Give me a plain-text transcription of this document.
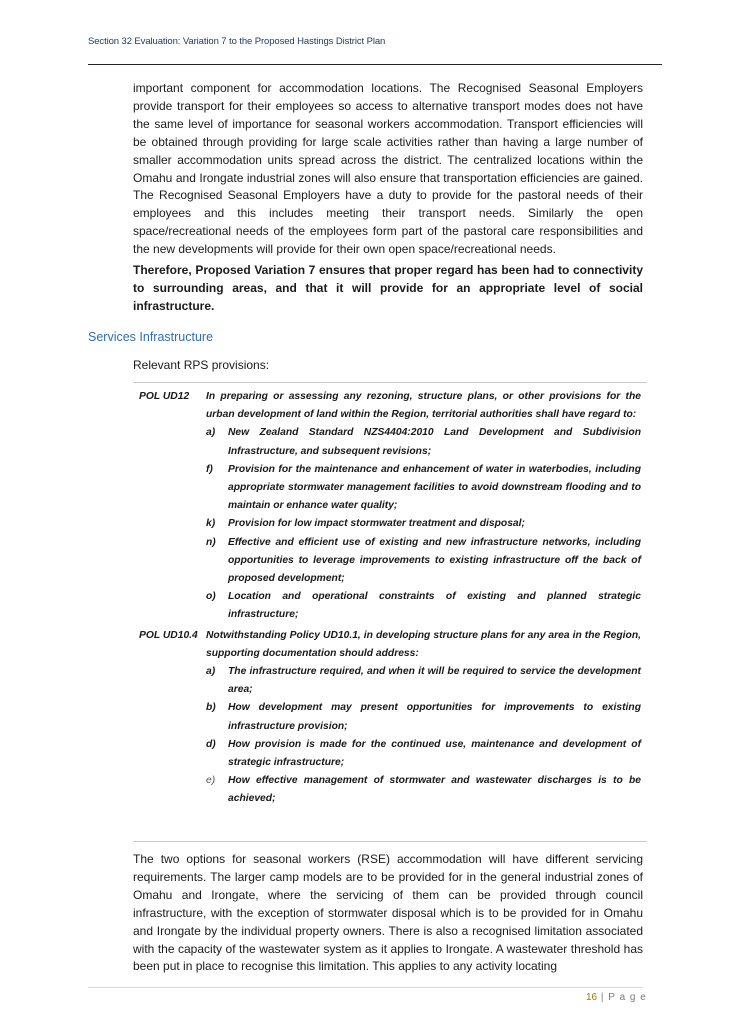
Section 32 Evaluation: Variation 7 to the Proposed Hastings District Plan

important component for accommodation locations. The Recognised Seasonal Employers provide transport for their employees so access to alternative transport modes does not have the same level of importance for seasonal workers accommodation. Transport efficiencies will be obtained through providing for large scale activities rather than having a large number of smaller accommodation units spread across the district. The centralized locations within the Omahu and Irongate industrial zones will also ensure that transportation efficiencies are gained. The Recognised Seasonal Employers have a duty to provide for the pastoral needs of their employees and this includes meeting their transport needs. Similarly the open space/recreational needs of the employees form part of the pastoral care responsibilities and the new developments will provide for their own open space/recreational needs.

Therefore, Proposed Variation 7 ensures that proper regard has been had to connectivity to surrounding areas, and that it will provide for an appropriate level of social infrastructure.

Services Infrastructure
Relevant RPS provisions:
POL UD12 In preparing or assessing any rezoning, structure plans, or other provisions for the urban development of land within the Region, territorial authorities shall have regard to:
a) New Zealand Standard NZS4404:2010 Land Development and Subdivision Infrastructure, and subsequent revisions;
f) Provision for the maintenance and enhancement of water in waterbodies, including appropriate stormwater management facilities to avoid downstream flooding and to maintain or enhance water quality;
k) Provision for low impact stormwater treatment and disposal;
n) Effective and efficient use of existing and new infrastructure networks, including opportunities to leverage improvements to existing infrastructure off the back of proposed development;
o) Location and operational constraints of existing and planned strategic infrastructure;
POL UD10.4 Notwithstanding Policy UD10.1, in developing structure plans for any area in the Region, supporting documentation should address:
a) The infrastructure required, and when it will be required to service the development area;
b) How development may present opportunities for improvements to existing infrastructure provision;
d) How provision is made for the continued use, maintenance and development of strategic infrastructure;
e) How effective management of stormwater and wastewater discharges is to be achieved;

The two options for seasonal workers (RSE) accommodation will have different servicing requirements. The larger camp models are to be provided for in the general industrial zones of Omahu and Irongate, where the servicing of them can be provided through council infrastructure, with the exception of stormwater disposal which is to be provided for in Omahu and Irongate by the individual property owners. There is also a recognised limitation associated with the capacity of the wastewater system as it applies to Irongate. A wastewater threshold has been put in place to recognise this limitation. This applies to any activity locating

16 | P a g e
